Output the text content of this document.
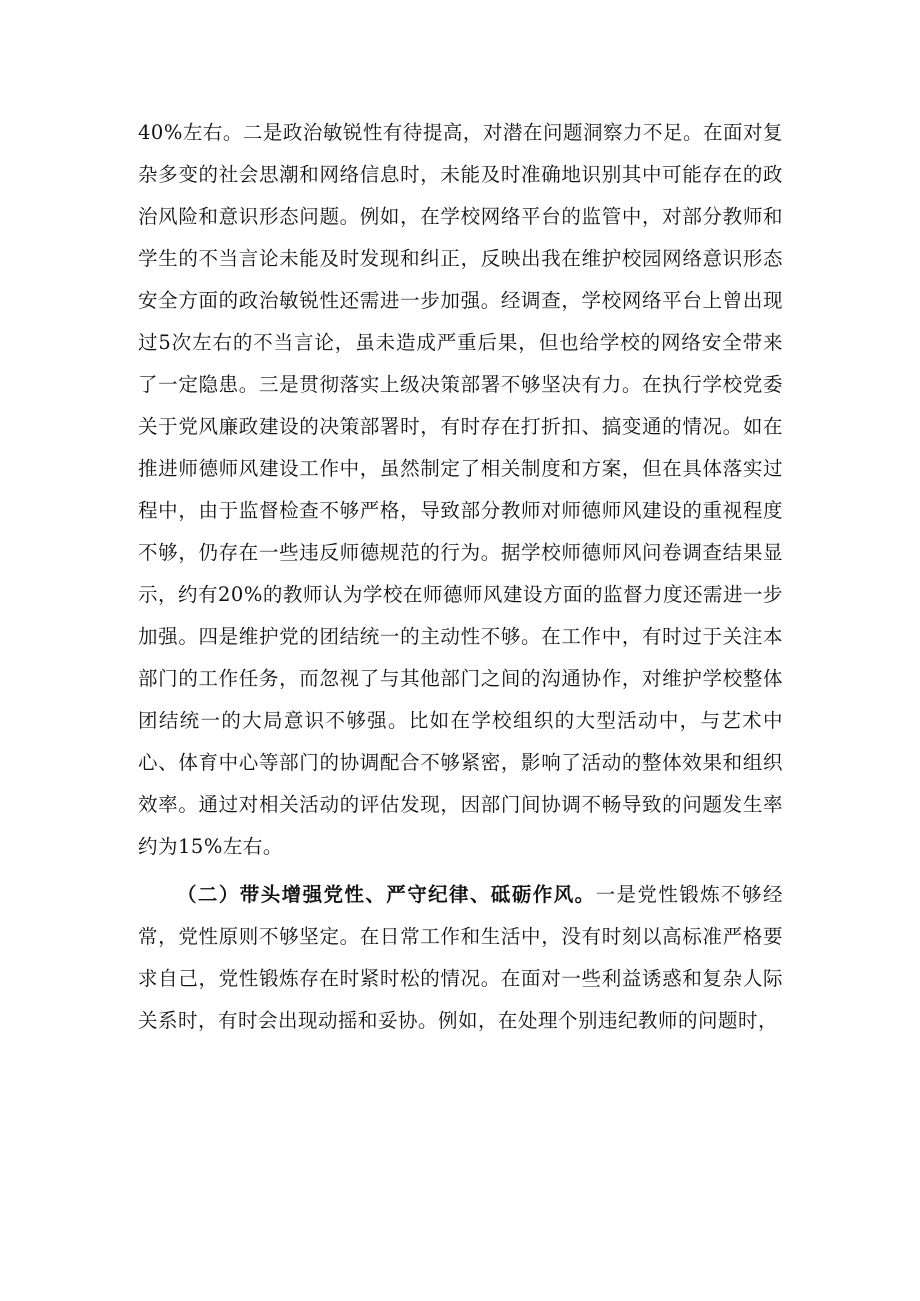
40%左右。二是政治敏锐性有待提高，对潜在问题洞察力不足。在面对复杂多变的社会思潮和网络信息时，未能及时准确地识别其中可能存在的政治风险和意识形态问题。例如，在学校网络平台的监管中，对部分教师和学生的不当言论未能及时发现和纠正，反映出我在维护校园网络意识形态安全方面的政治敏锐性还需进一步加强。经调查，学校网络平台上曾出现过5次左右的不当言论，虽未造成严重后果，但也给学校的网络安全带来了一定隐患。三是贯彻落实上级决策部署不够坚决有力。在执行学校党委关于党风廉政建设的决策部署时，有时存在打折扣、搞变通的情况。如在推进师德师风建设工作中，虽然制定了相关制度和方案，但在具体落实过程中，由于监督检查不够严格，导致部分教师对师德师风建设的重视程度不够，仍存在一些违反师德规范的行为。据学校师德师风问卷调查结果显示，约有20%的教师认为学校在师德师风建设方面的监督力度还需进一步加强。四是维护党的团结统一的主动性不够。在工作中，有时过于关注本部门的工作任务，而忽视了与其他部门之间的沟通协作，对维护学校整体团结统一的大局意识不够强。比如在学校组织的大型活动中，与艺术中心、体育中心等部门的协调配合不够紧密，影响了活动的整体效果和组织效率。通过对相关活动的评估发现，因部门间协调不畅导致的问题发生率约为15%左右。

（二）带头增强党性、严守纪律、砥砺作风。一是党性锻炼不够经常，党性原则不够坚定。在日常工作和生活中，没有时刻以高标准严格要求自己，党性锻炼存在时紧时松的情况。在面对一些利益诱惑和复杂人际关系时，有时会出现动摇和妥协。例如，在处理个别违纪教师的问题时，
